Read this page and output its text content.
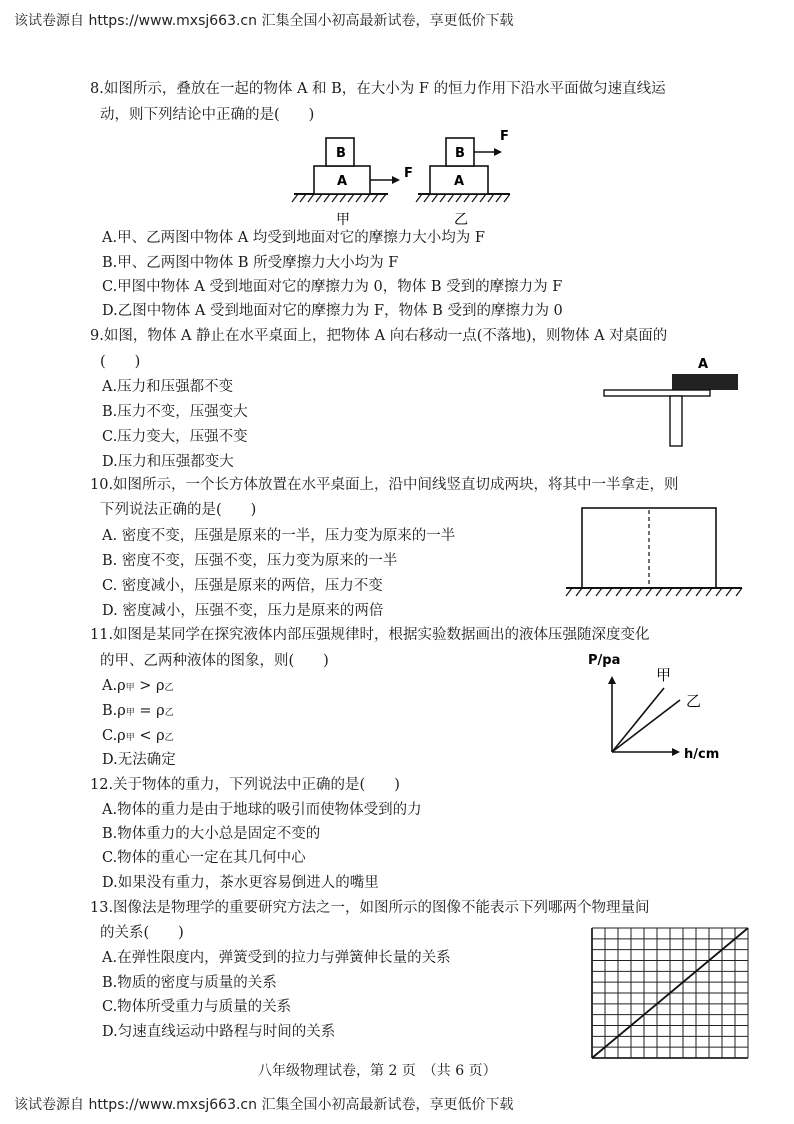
该试卷源自 https://www.mxsj663.cn 汇集全国小初高最新试卷，享更低价下载
8.如图所示，叠放在一起的物体 A 和 B，在大小为 F 的恒力作用下沿水平面做匀速直线运
动，则下列结论中正确的是(　　)
B
A
F
甲
B
A
F
乙
A.甲、乙两图中物体 A 均受到地面对它的摩擦力大小均为 F
B.甲、乙两图中物体 B 所受摩擦力大小均为 F
C.甲图中物体 A 受到地面对它的摩擦力为 0，物体 B 受到的摩擦力为 F
D.乙图中物体 A 受到地面对它的摩擦力为 F，物体 B 受到的摩擦力为 0
9.如图，物体 A 静止在水平桌面上，把物体 A 向右移动一点(不落地)，则物体 A 对桌面的
(　　)
A.压力和压强都不变
B.压力不变，压强变大
C.压力变大，压强不变
D.压力和压强都变大
A
10.如图所示，一个长方体放置在水平桌面上，沿中间线竖直切成两块，将其中一半拿走，则
下列说法正确的是(　　)
A. 密度不变，压强是原来的一半，压力变为原来的一半
B. 密度不变，压强不变，压力变为原来的一半
C. 密度减小，压强是原来的两倍，压力不变
D. 密度减小，压强不变，压力是原来的两倍
11.如图是某同学在探究液体内部压强规律时，根据实验数据画出的液体压强随深度变化
的甲、乙两种液体的图象，则(　　)
A.ρ甲 > ρ乙
B.ρ甲 = ρ乙
C.ρ甲 < ρ乙
D.无法确定
P/pa
甲
乙
h/cm
12.关于物体的重力，下列说法中正确的是(　　)
A.物体的重力是由于地球的吸引而使物体受到的力
B.物体重力的大小总是固定不变的
C.物体的重心一定在其几何中心
D.如果没有重力，茶水更容易倒进人的嘴里
13.图像法是物理学的重要研究方法之一，如图所示的图像不能表示下列哪两个物理量间
的关系(　　)
A.在弹性限度内，弹簧受到的拉力与弹簧伸长量的关系
B.物质的密度与质量的关系
C.物体所受重力与质量的关系
D.匀速直线运动中路程与时间的关系
八年级物理试卷，第 2 页　（共 6 页）
该试卷源自 https://www.mxsj663.cn 汇集全国小初高最新试卷，享更低价下载
